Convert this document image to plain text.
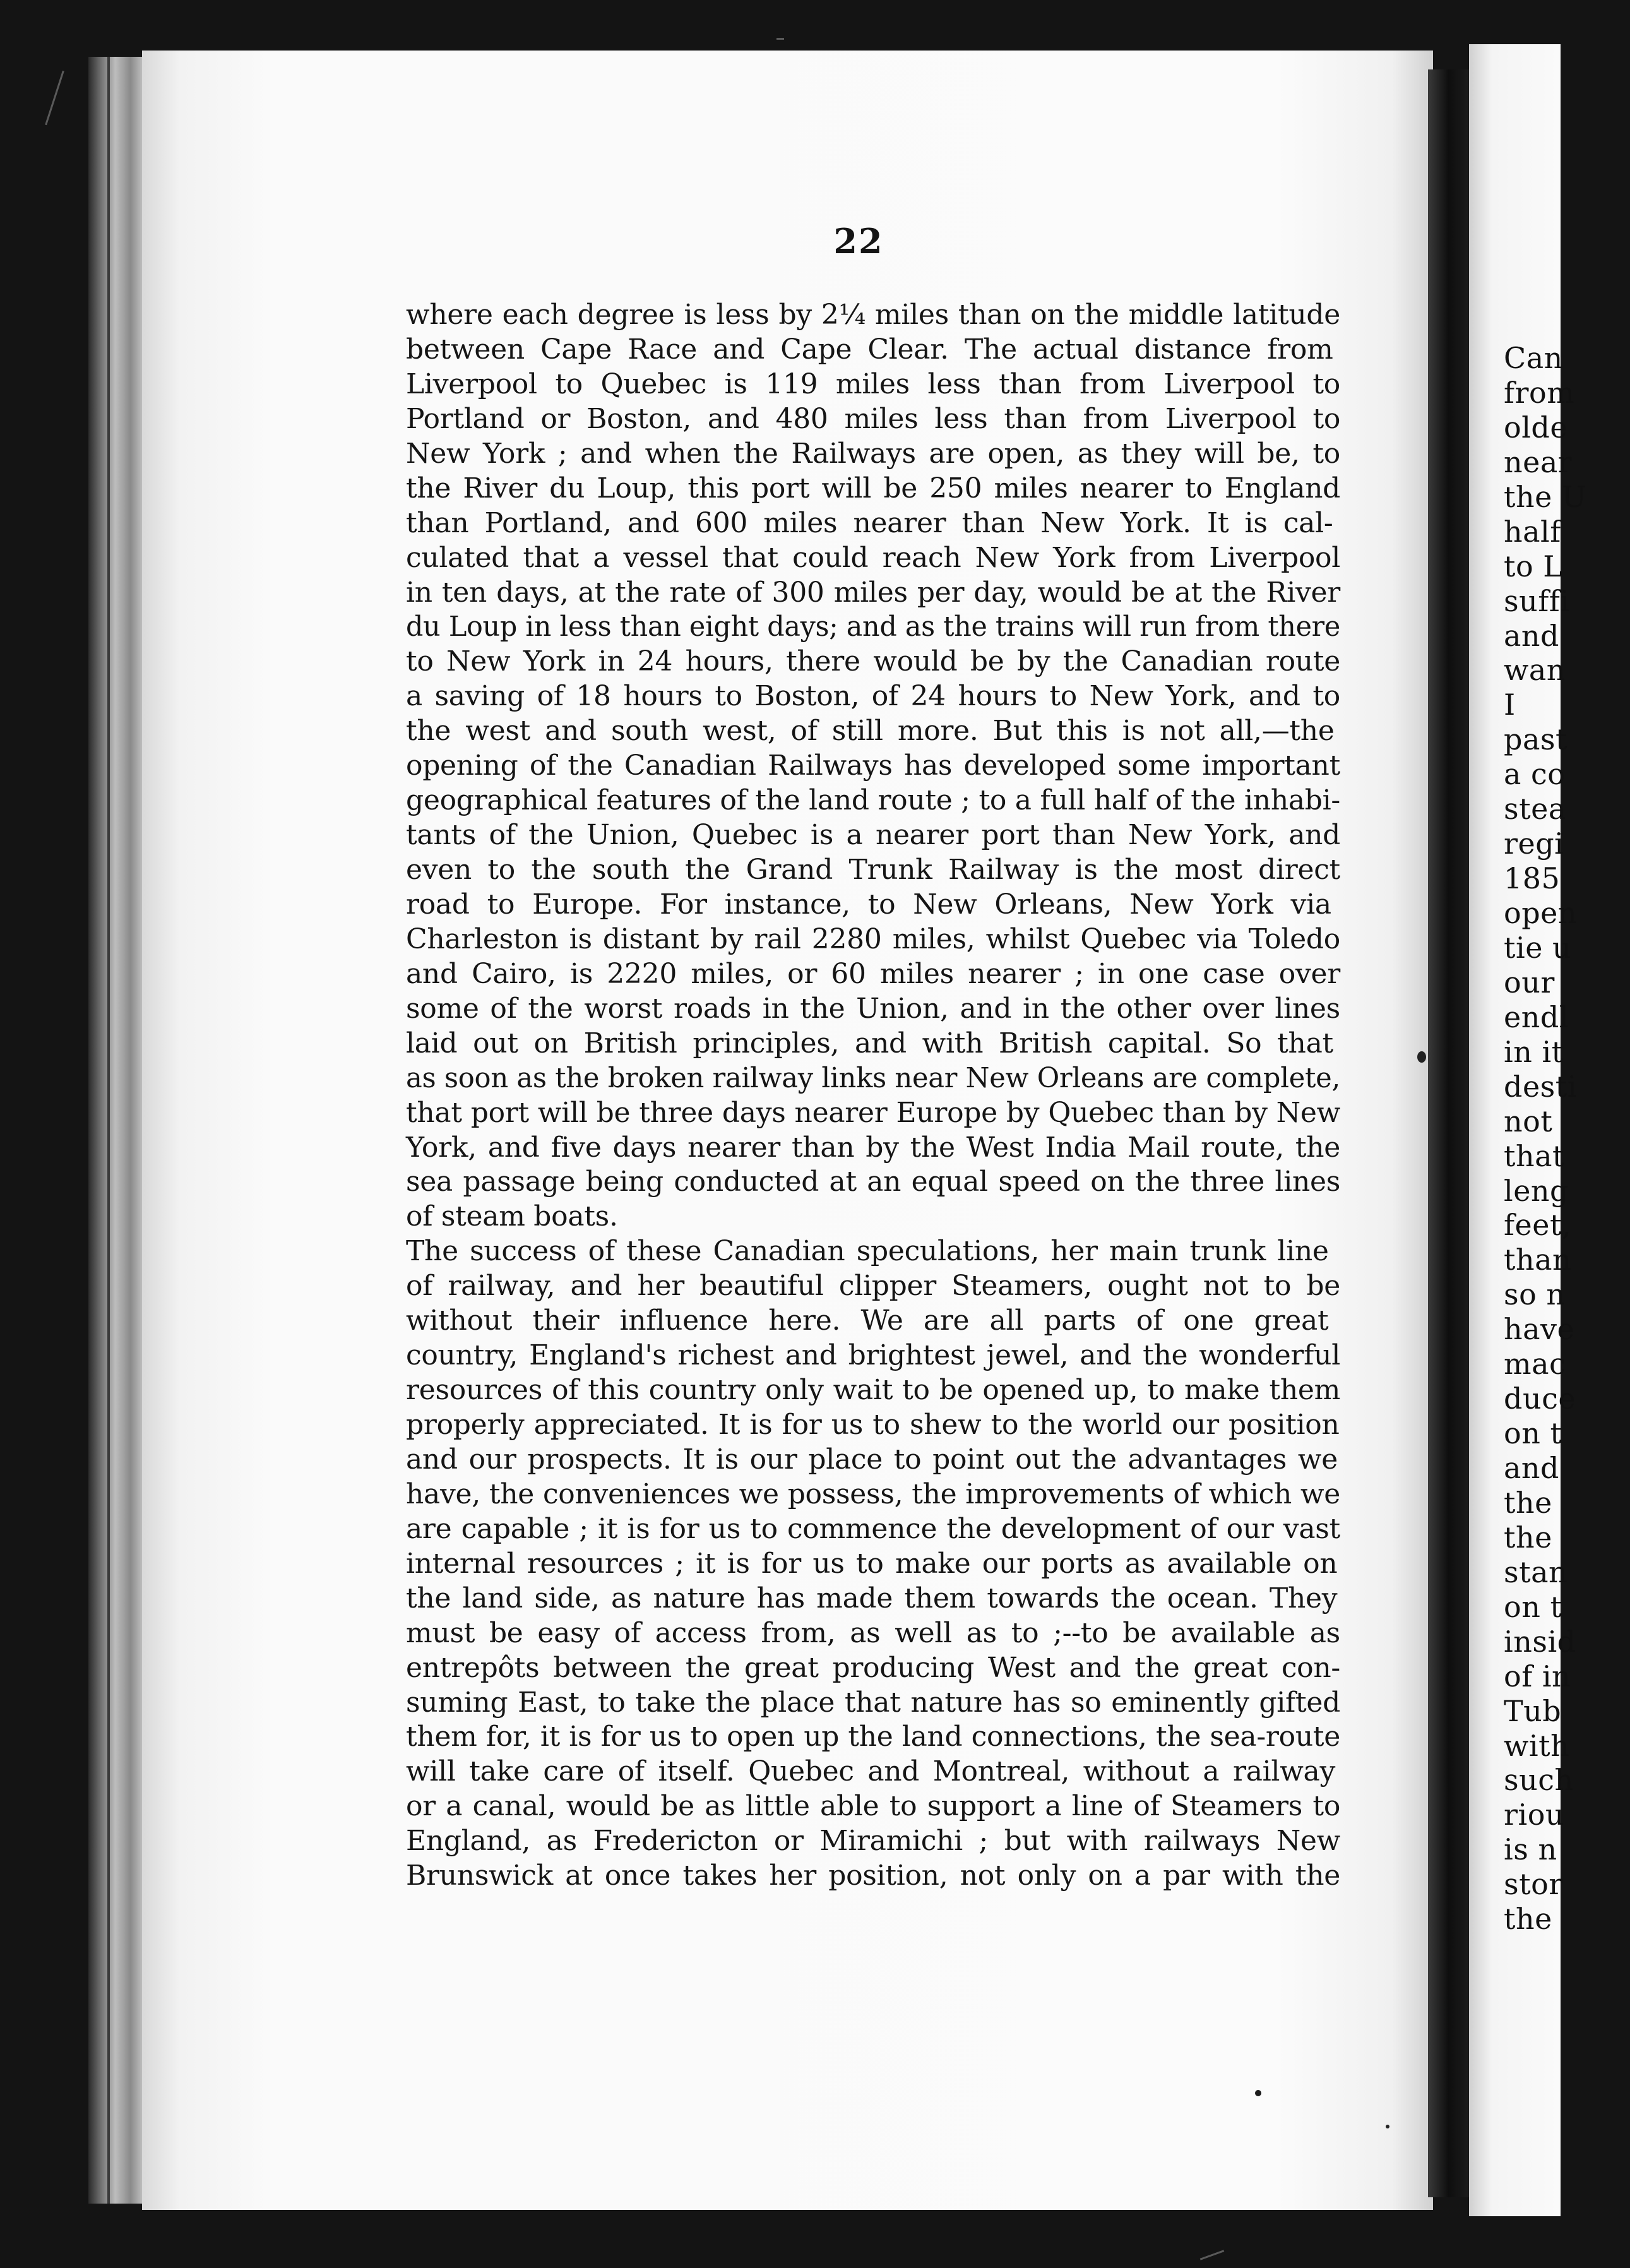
Can
from
olde
near
the U
half
to L
suffi
and
wan
I
past
a co
stea
regi
185
open
tie u
our
endl
in it
desti
not
that
leng
feet,
than
so n
have
mac
duce
on t
and
the
the
stan
on t
insid
of in
Tub
with
such
riou
is n
stor
the
22
where each degree is less by 2¼ miles than on the middle latitude
between Cape Race and Cape Clear. The actual distance from
Liverpool to Quebec is 119 miles less than from Liverpool to
Portland or Boston, and 480 miles less than from Liverpool to
New York ; and when the Railways are open, as they will be, to
the River du Loup, this port will be 250 miles nearer to England
than Portland, and 600 miles nearer than New York. It is cal-
culated that a vessel that could reach New York from Liverpool
in ten days, at the rate of 300 miles per day, would be at the River
du Loup in less than eight days; and as the trains will run from there
to New York in 24 hours, there would be by the Canadian route
a saving of 18 hours to Boston, of 24 hours to New York, and to
the west and south west, of still more. But this is not all,—the
opening of the Canadian Railways has developed some important
geographical features of the land route ; to a full half of the inhabi-
tants of the Union, Quebec is a nearer port than New York, and
even to the south the Grand Trunk Railway is the most direct
road to Europe. For instance, to New Orleans, New York via
Charleston is distant by rail 2280 miles, whilst Quebec via Toledo
and Cairo, is 2220 miles, or 60 miles nearer ; in one case over
some of the worst roads in the Union, and in the other over lines
laid out on British principles, and with British capital. So that
as soon as the broken railway links near New Orleans are complete,
that port will be three days nearer Europe by Quebec than by New
York, and five days nearer than by the West India Mail route, the
sea passage being conducted at an equal speed on the three lines
of steam boats.
The success of these Canadian speculations, her main trunk line
of railway, and her beautiful clipper Steamers, ought not to be
without their influence here. We are all parts of one great
country, England's richest and brightest jewel, and the wonderful
resources of this country only wait to be opened up, to make them
properly appreciated. It is for us to shew to the world our position
and our prospects. It is our place to point out the advantages we
have, the conveniences we possess, the improvements of which we
are capable ; it is for us to commence the development of our vast
internal resources ; it is for us to make our ports as available on
the land side, as nature has made them towards the ocean. They
must be easy of access from, as well as to ;--to be available as
entrepôts between the great producing West and the great con-
suming East, to take the place that nature has so eminently gifted
them for, it is for us to open up the land connections, the sea-route
will take care of itself. Quebec and Montreal, without a railway
or a canal, would be as little able to support a line of Steamers to
England, as Fredericton or Miramichi ; but with railways New
Brunswick at once takes her position, not only on a par with the
